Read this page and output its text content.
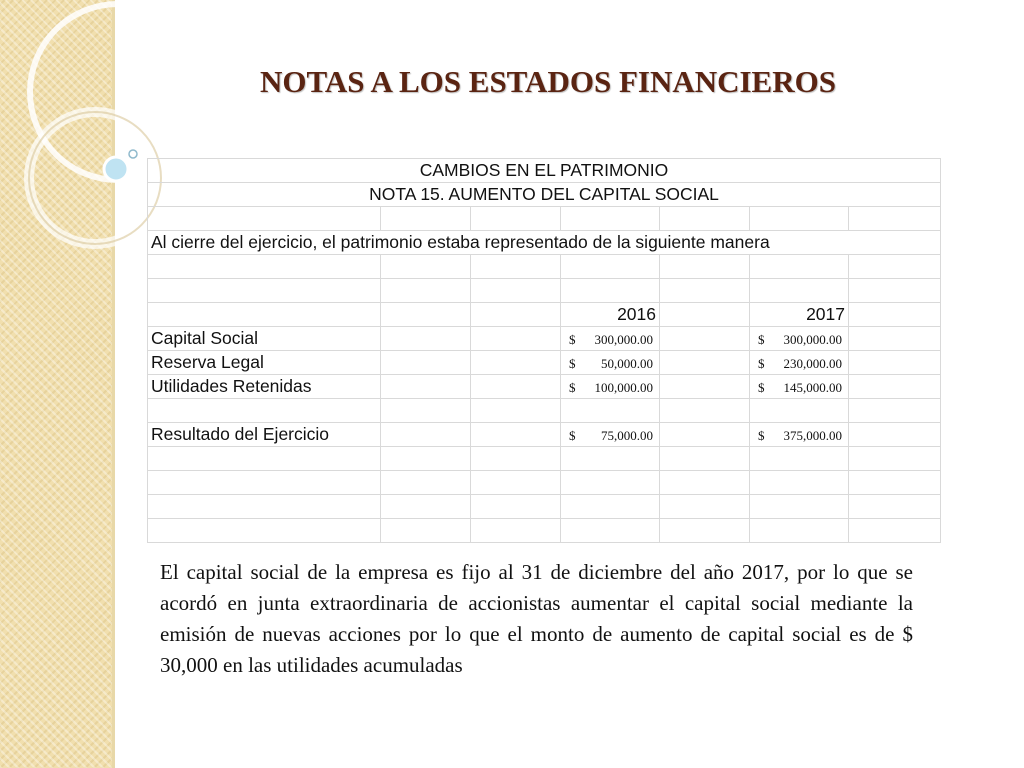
NOTAS A LOS ESTADOS FINANCIEROS
CAMBIOS EN EL PATRIMONIO						
NOTA 15. AUMENTO DEL CAPITAL SOCIAL						

Al cierre del ejercicio, el patrimonio estaba representado de la siguiente manera						

			2016		2017	
Capital Social			$ 300,000.00		$ 300,000.00	

Reserva Legal			$ 50,000.00		$ 230,000.00	

Utilidades Retenidas			$ 100,000.00		$ 145,000.00	

Resultado del Ejercicio			$ 75,000.00		$ 375,000.00	

El capital social de la empresa es fijo al 31 de diciembre del año 2017, por lo que se acordó en junta extraordinaria de accionistas aumentar el capital social mediante la emisión de nuevas acciones por lo que el monto de aumento de capital social es de $ 30,000 en las utilidades acumuladas
